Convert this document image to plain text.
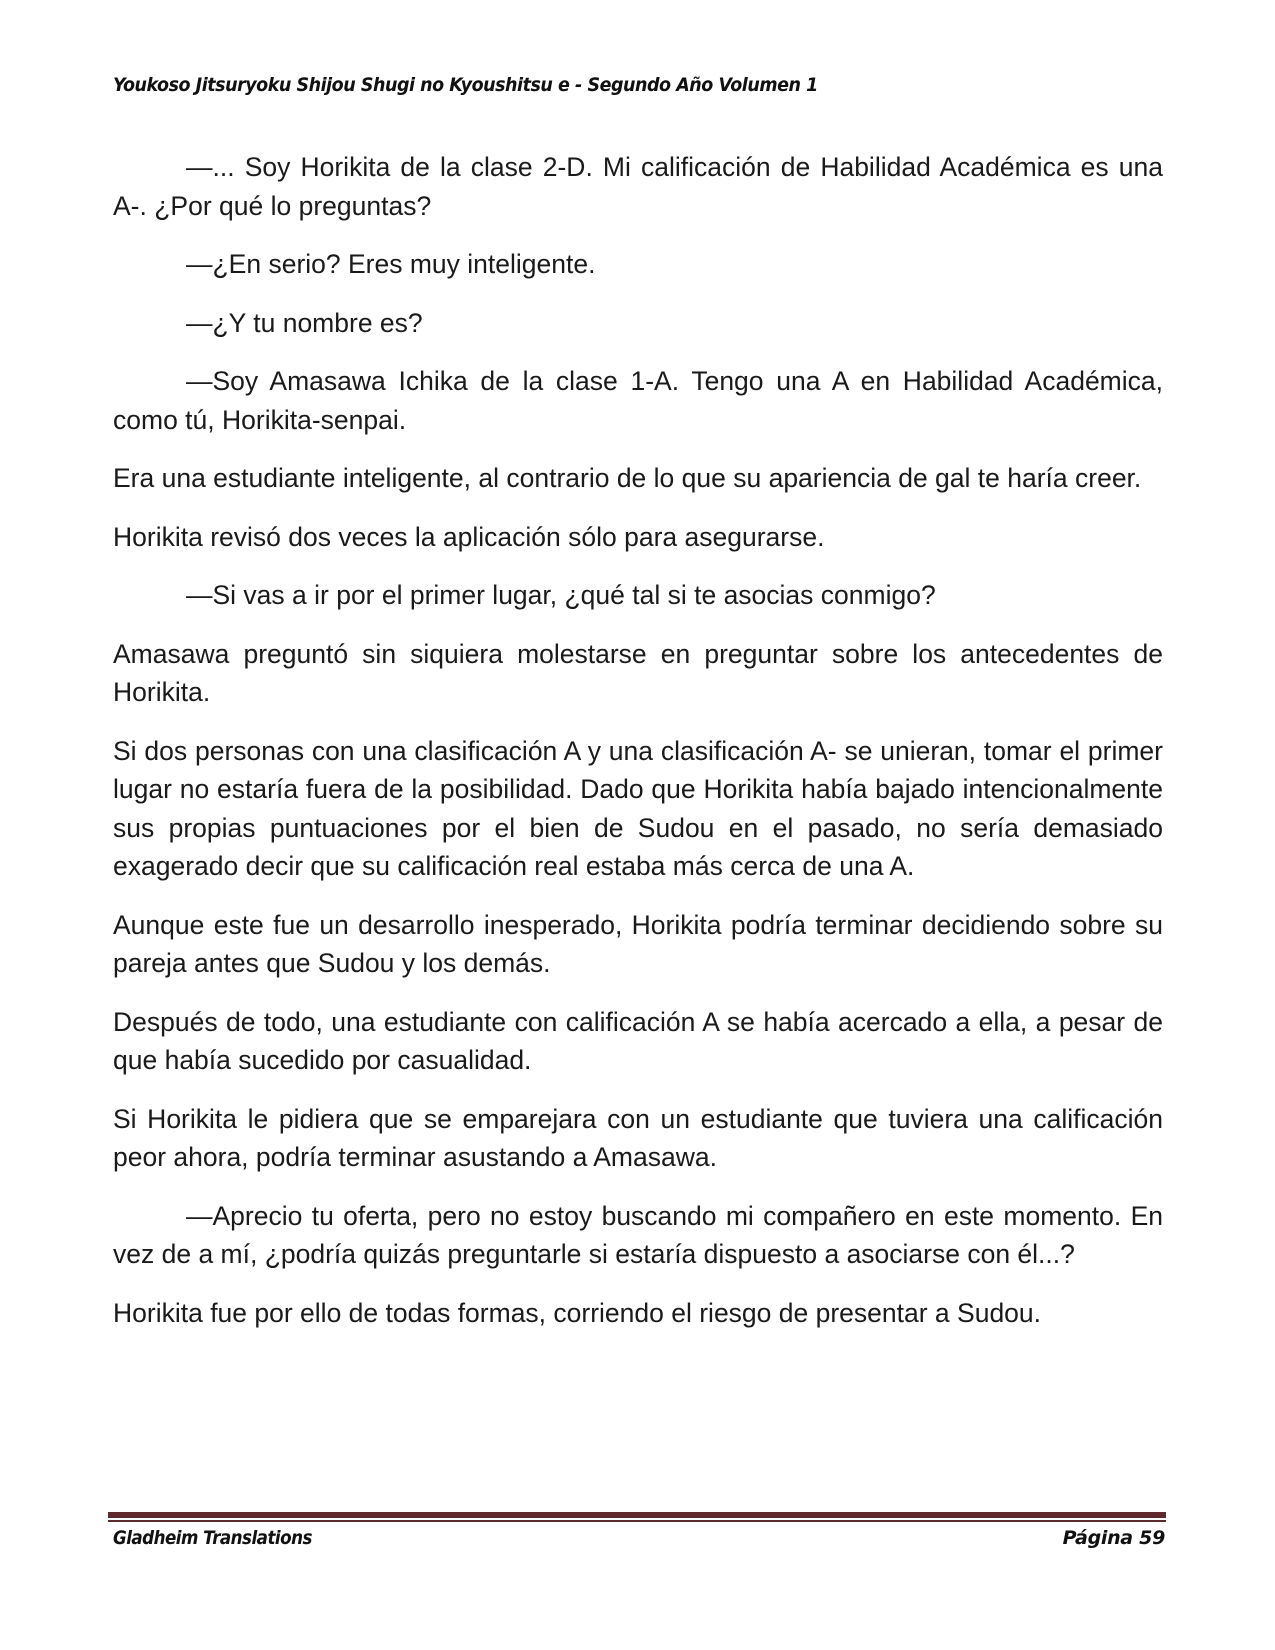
Youkoso Jitsuryoku Shijou Shugi no Kyoushitsu e - Segundo Año Volumen 1

—... Soy Horikita de la clase 2-D. Mi calificación de Habilidad Académica es una A-. ¿Por qué lo preguntas?

—¿En serio? Eres muy inteligente.

—¿Y tu nombre es?

—Soy Amasawa Ichika de la clase 1-A. Tengo una A en Habilidad Académica, como tú, Horikita-senpai.

Era una estudiante inteligente, al contrario de lo que su apariencia de gal te haría creer.

Horikita revisó dos veces la aplicación sólo para asegurarse.

—Si vas a ir por el primer lugar, ¿qué tal si te asocias conmigo?

Amasawa preguntó sin siquiera molestarse en preguntar sobre los antecedentes de Horikita.

Si dos personas con una clasificación A y una clasificación A- se unieran, tomar el primer lugar no estaría fuera de la posibilidad. Dado que Horikita había bajado intencionalmente sus propias puntuaciones por el bien de Sudou en el pasado, no sería demasiado exagerado decir que su calificación real estaba más cerca de una A.

Aunque este fue un desarrollo inesperado, Horikita podría terminar decidiendo sobre su pareja antes que Sudou y los demás.

Después de todo, una estudiante con calificación A se había acercado a ella, a pesar de que había sucedido por casualidad.

Si Horikita le pidiera que se emparejara con un estudiante que tuviera una calificación peor ahora, podría terminar asustando a Amasawa.

—Aprecio tu oferta, pero no estoy buscando mi compañero en este momento. En vez de a mí, ¿podría quizás preguntarle si estaría dispuesto a asociarse con él...?

Horikita fue por ello de todas formas, corriendo el riesgo de presentar a Sudou.

Gladheim Translations	Página 59
